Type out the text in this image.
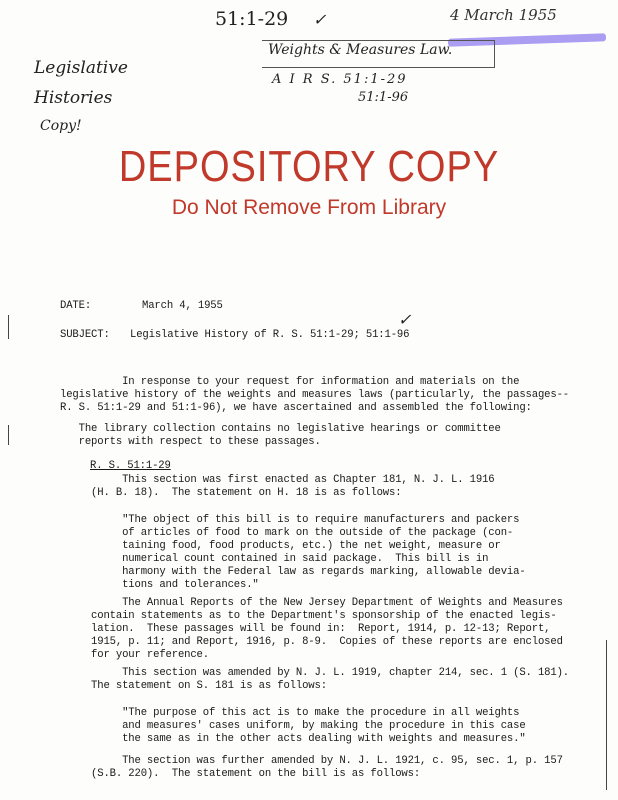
51:1-29 ✓	4 March 1955
Weights & Measures Law.
A I R S. 51:1-29
51:1-96
Legislative
Histories
Copy!
DEPOSITORY COPY
Do Not Remove From Library
DATE:	March 4, 1955
SUBJECT: Legislative History of R. S. 51:1-29; 51:1-96
✓
In response to your request for information and materials on the
legislative history of the weights and measures laws (particularly, the passages--
R. S. 51:1-29 and 51:1-96), we have ascertained and assembled the following:
The library collection contains no legislative hearings or committee
reports with respect to these passages.
R. S. 51:1-29
This section was first enacted as Chapter 181, N. J. L. 1916
(H. B. 18).  The statement on H. 18 is as follows:
"The object of this bill is to require manufacturers and packers
of articles of food to mark on the outside of the package (con-
taining food, food products, etc.) the net weight, measure or
numerical count contained in said package.  This bill is in
harmony with the Federal law as regards marking, allowable devia-
tions and tolerances."
The Annual Reports of the New Jersey Department of Weights and Measures
contain statements as to the Department's sponsorship of the enacted legis-
lation.  These passages will be found in:  Report, 1914, p. 12-13; Report,
1915, p. 11; and Report, 1916, p. 8-9.  Copies of these reports are enclosed
for your reference.
This section was amended by N. J. L. 1919, chapter 214, sec. 1 (S. 181).
The statement on S. 181 is as follows:
"The purpose of this act is to make the procedure in all weights
and measures' cases uniform, by making the procedure in this case
the same as in the other acts dealing with weights and measures."
The section was further amended by N. J. L. 1921, c. 95, sec. 1, p. 157
(S.B. 220).  The statement on the bill is as follows:
